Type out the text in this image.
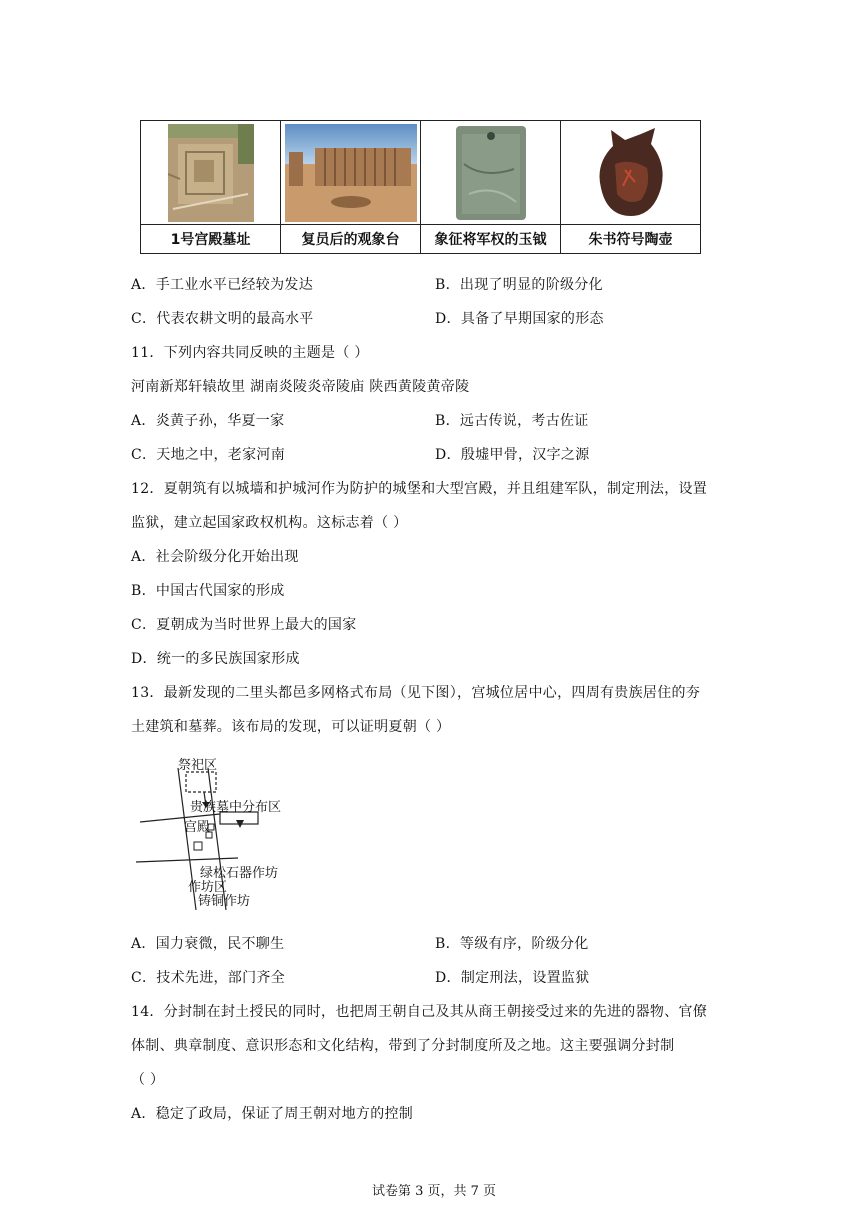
1号宫殿墓址	复员后的观象台	象征将军权的玉钺	朱书符号陶壶
A．手工业水平已经较为发达	B．出现了明显的阶级分化
C．代表农耕文明的最高水平	D．具备了早期国家的形态
11．下列内容共同反映的主题是（ ）
河南新郑轩辕故里 湖南炎陵炎帝陵庙 陕西黄陵黄帝陵
A．炎黄子孙，华夏一家	B．远古传说，考古佐证
C．天地之中，老家河南	D．殷墟甲骨，汉字之源
12．夏朝筑有以城墙和护城河作为防护的城堡和大型宫殿，并且组建军队，制定刑法，设置
监狱，建立起国家政权机构。这标志着（ ）
A．社会阶级分化开始出现
B．中国古代国家的形成
C．夏朝成为当时世界上最大的国家
D．统一的多民族国家形成
13．最新发现的二里头都邑多网格式布局（见下图），宫城位居中心，四周有贵族居住的夯
土建筑和墓葬。该布局的发现，可以证明夏朝（ ）
祭祀区
贵族墓中分布区
宫殿
绿松石器作坊
作坊区
铸铜作坊
A．国力衰微，民不聊生	B．等级有序，阶级分化
C．技术先进，部门齐全	D．制定刑法，设置监狱
14．分封制在封土授民的同时，也把周王朝自己及其从商王朝接受过来的先进的器物、官僚
体制、典章制度、意识形态和文化结构，带到了分封制度所及之地。这主要强调分封制
（ ）
A．稳定了政局，保证了周王朝对地方的控制
试卷第 3 页，共 7 页
